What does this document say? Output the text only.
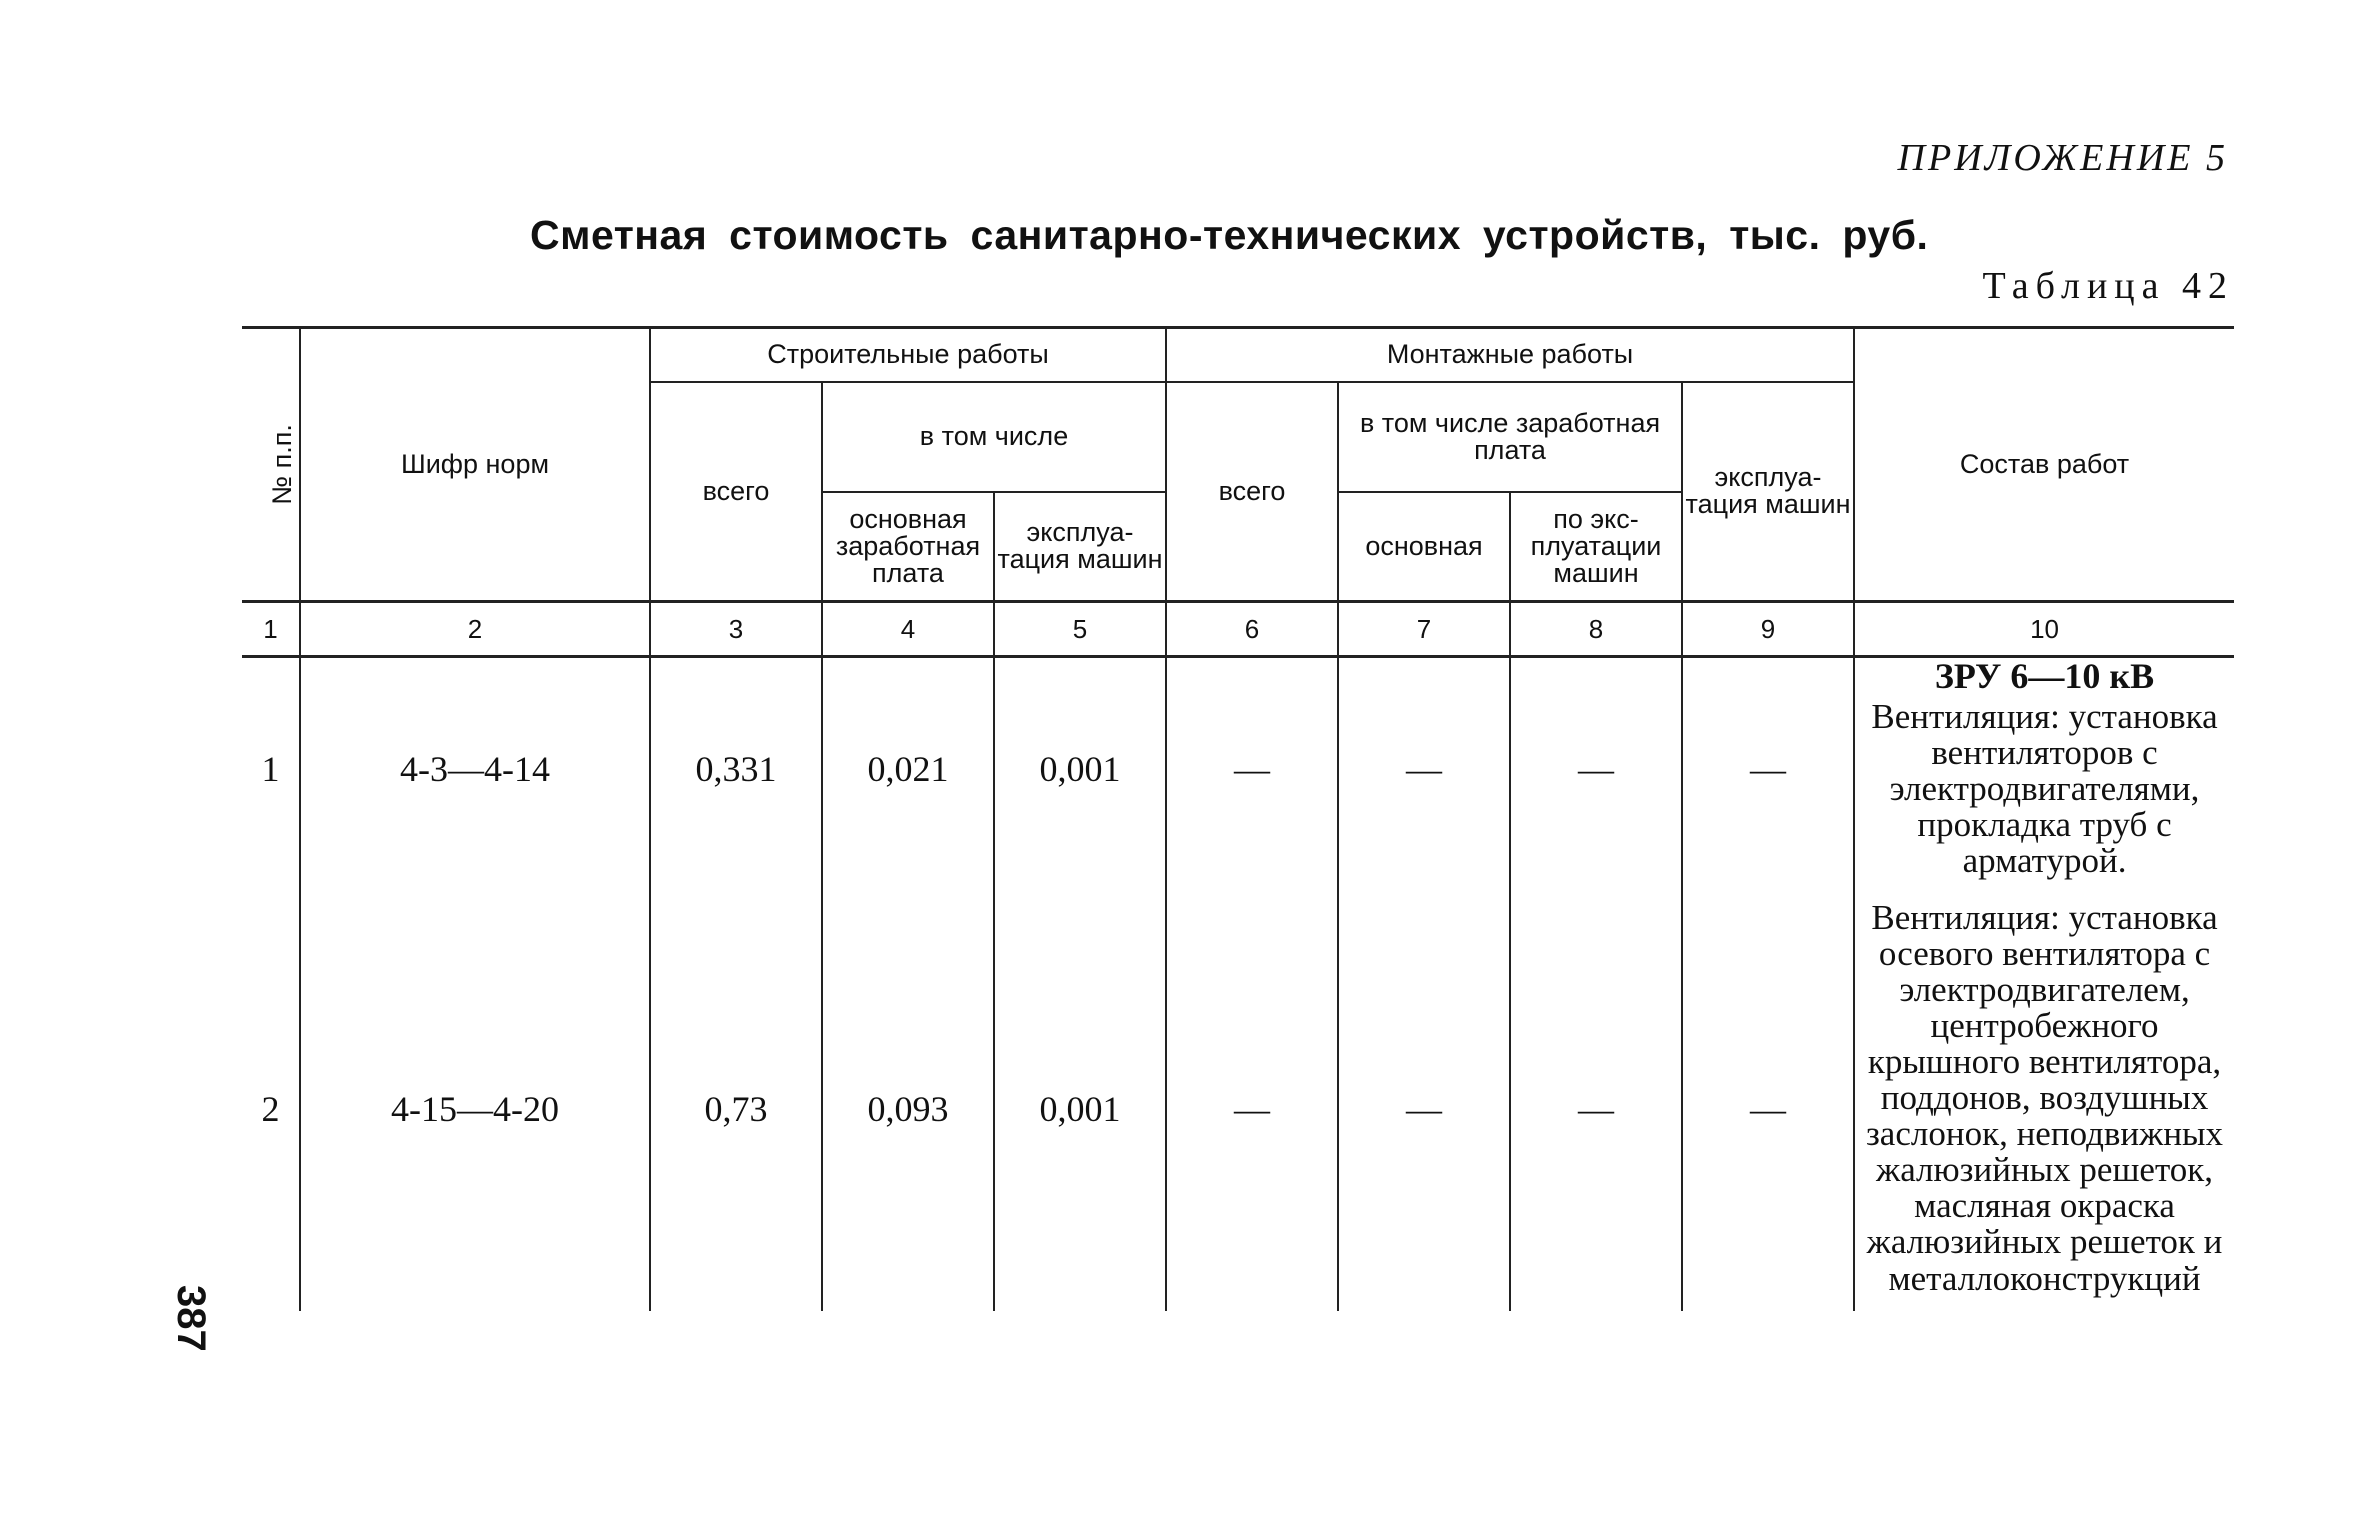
ПРИЛОЖЕНИЕ 5
Сметная стоимость санитарно-технических устройств, тыс. руб.
Таблица 42
387
№ п.п.	Шифр норм	Строительные работы			Монтажные работы				Состав работ
		всего	в том числе		всего	в том числе заработная плата		эксплуа-тация машин	
			основная заработная плата	эксплуа-тация машин		основная	по экс-плуатации машин		
1	2	3	4	5	6	7	8	9	10
1	4-3—4-14	0,331	0,021	0,001	—	—	—	—	ЗРУ 6—10 кВ

Вентиляция: установка вентиляторов с электродвигателями, прокладка труб с арматурой.

2	4-15—4-20	0,73	0,093	0,001	—	—	—	—	Вентиляция: установка осевого вентилятора с электродвигателем, центробежного крышного вентилятора, поддонов, воздушных заслонок, неподвижных жалюзийных решеток, масляная окраска жалюзийных решеток и металлоконструкций
